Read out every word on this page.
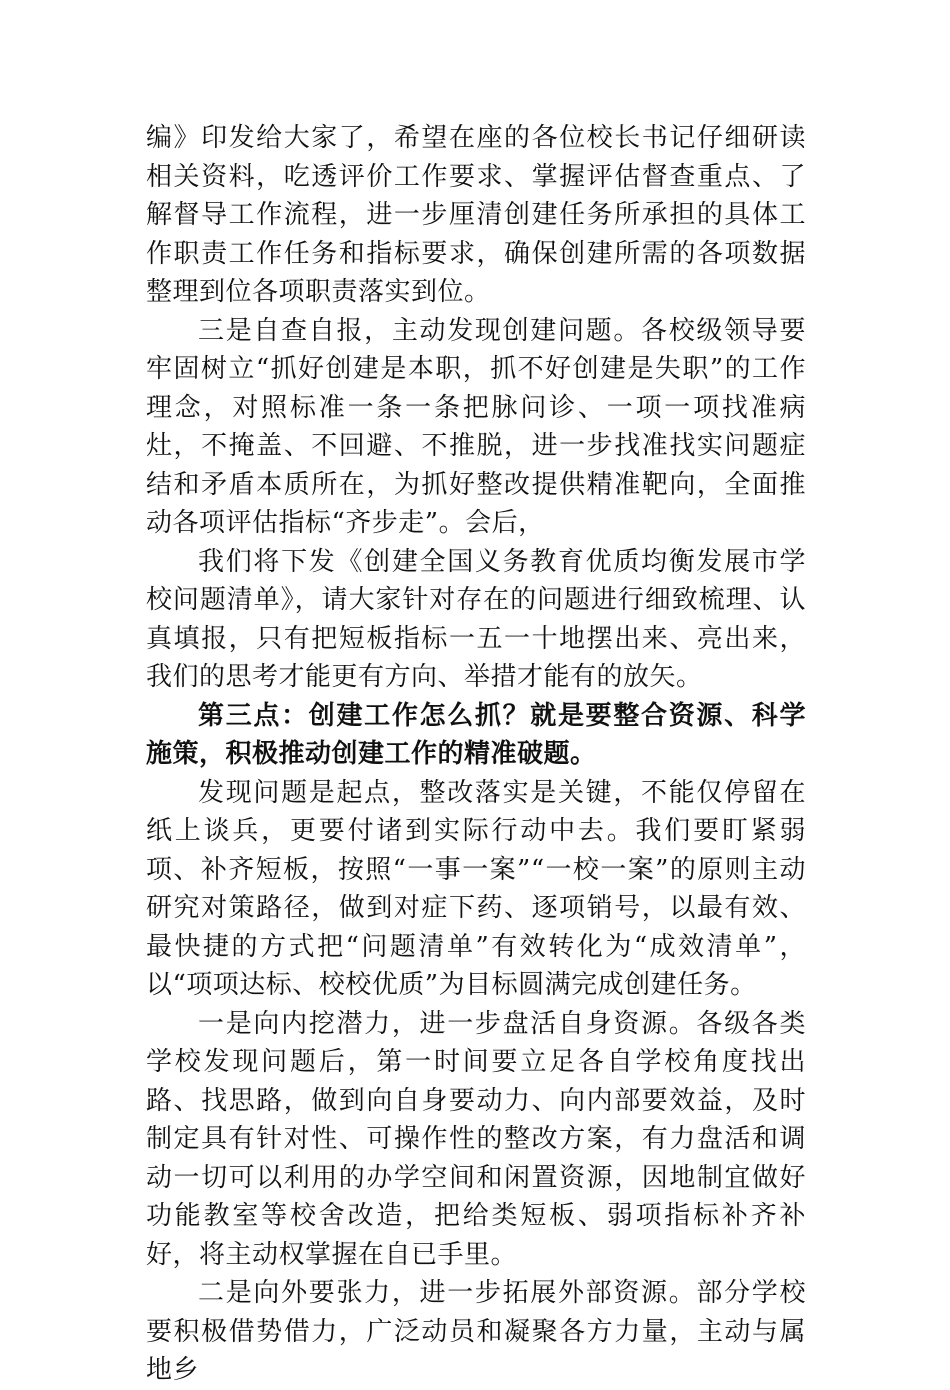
编》印发给大家了，希望在座的各位校长书记仔细研读相关资料，吃透评价工作要求、掌握评估督查重点、了解督导工作流程，进一步厘清创建任务所承担的具体工作职责工作任务和指标要求，确保创建所需的各项数据整理到位各项职责落实到位。

三是自查自报，主动发现创建问题。各校级领导要牢固树立“抓好创建是本职，抓不好创建是失职”的工作理念，对照标准一条一条把脉问诊、一项一项找准病灶，不掩盖、不回避、不推脱，进一步找准找实问题症结和矛盾本质所在，为抓好整改提供精准靶向，全面推动各项评估指标“齐步走”。会后，

我们将下发《创建全国义务教育优质均衡发展市学校问题清单》，请大家针对存在的问题进行细致梳理、认真填报，只有把短板指标一五一十地摆出来、亮出来，我们的思考才能更有方向、举措才能有的放矢。

第三点：创建工作怎么抓？就是要整合资源、科学施策，积极推动创建工作的精准破题。

发现问题是起点，整改落实是关键，不能仅停留在纸上谈兵，更要付诸到实际行动中去。我们要盯紧弱项、补齐短板，按照“一事一案”“一校一案”的原则主动研究对策路径，做到对症下药、逐项销号，以最有效、最快捷的方式把“问题清单”有效转化为“成效清单”，以“项项达标、校校优质”为目标圆满完成创建任务。

一是向内挖潜力，进一步盘活自身资源。各级各类学校发现问题后，第一时间要立足各自学校角度找出路、找思路，做到向自身要动力、向内部要效益，及时制定具有针对性、可操作性的整改方案，有力盘活和调动一切可以利用的办学空间和闲置资源，因地制宜做好功能教室等校舍改造，把给类短板、弱项指标补齐补好，将主动权掌握在自已手里。

二是向外要张力，进一步拓展外部资源。部分学校要积极借势借力，广泛动员和凝聚各方力量，主动与属地乡
